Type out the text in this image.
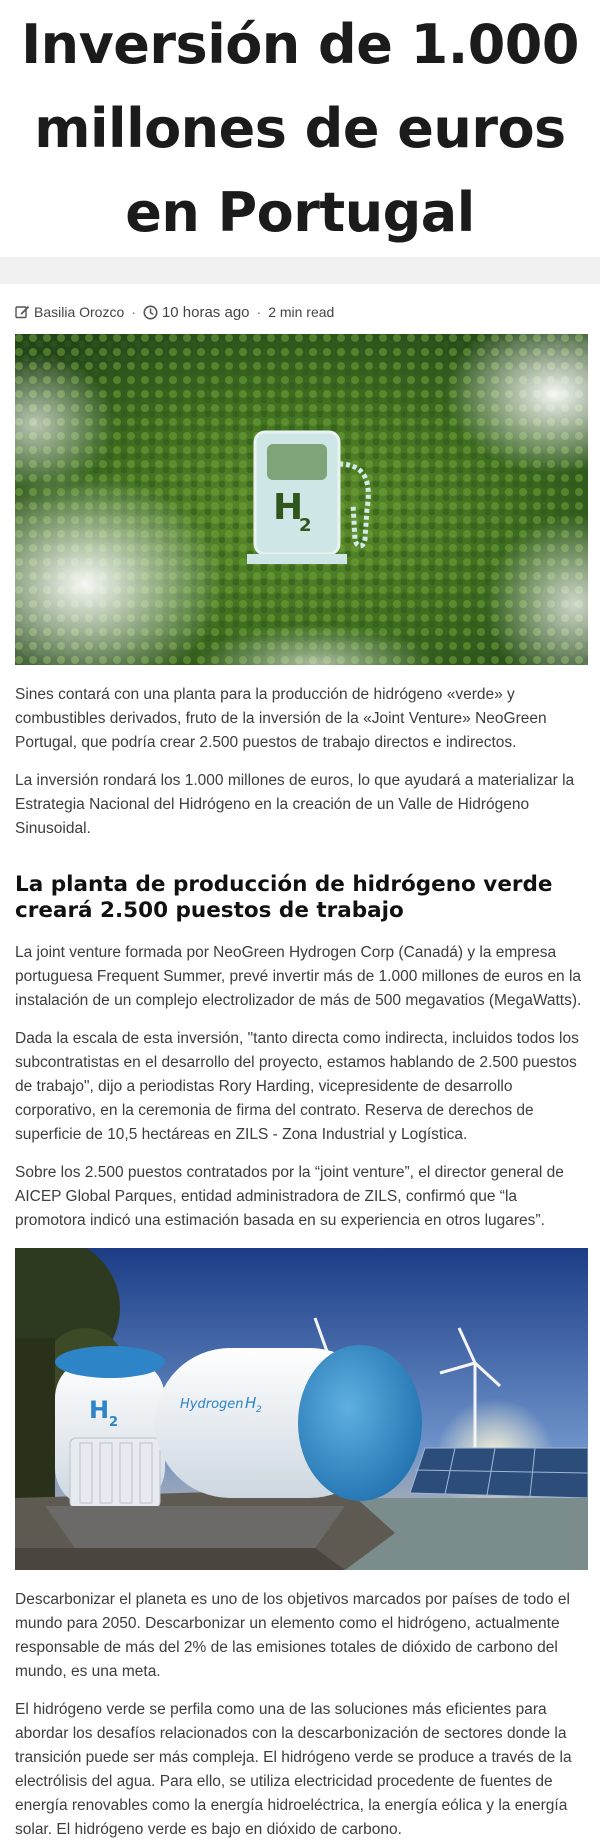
Inversión de 1.000 millones de euros en Portugal
Basilia Orozco · 10 horas ago · 2 min read
H
2

Sines contará con una planta para la producción de hidrógeno «verde» y combustibles derivados, fruto de la inversión de la «Joint Venture» NeoGreen Portugal, que podría crear 2.500 puestos de trabajo directos e indirectos.

La inversión rondará los 1.000 millones de euros, lo que ayudará a materializar la Estrategia Nacional del Hidrógeno en la creación de un Valle de Hidrógeno Sinusoidal.

La planta de producción de hidrógeno verde creará 2.500 puestos de trabajo

La joint venture formada por NeoGreen Hydrogen Corp (Canadá) y la empresa portuguesa Frequent Summer, prevé invertir más de 1.000 millones de euros en la instalación de un complejo electrolizador de más de 500 megavatios (MegaWatts).

Dada la escala de esta inversión, "tanto directa como indirecta, incluidos todos los subcontratistas en el desarrollo del proyecto, estamos hablando de 2.500 puestos de trabajo", dijo a periodistas Rory Harding, vicepresidente de desarrollo corporativo, en la ceremonia de firma del contrato. Reserva de derechos de superficie de 10,5 hectáreas en ZILS - Zona Industrial y Logística.

Sobre los 2.500 puestos contratados por la “joint venture”, el director general de AICEP Global Parques, entidad administradora de ZILS, confirmó que “la promotora indicó una estimación basada en su experiencia en otros lugares”.

H 2
Hydrogen H 2

Descarbonizar el planeta es uno de los objetivos marcados por países de todo el mundo para 2050. Descarbonizar un elemento como el hidrógeno, actualmente responsable de más del 2% de las emisiones totales de dióxido de carbono del mundo, es una meta.

El hidrógeno verde se perfila como una de las soluciones más eficientes para abordar los desafíos relacionados con la descarbonización de sectores donde la transición puede ser más compleja. El hidrógeno verde se produce a través de la electrólisis del agua. Para ello, se utiliza electricidad procedente de fuentes de energía renovables como la energía hidroeléctrica, la energía eólica y la energía solar. El hidrógeno verde es bajo en dióxido de carbono.
